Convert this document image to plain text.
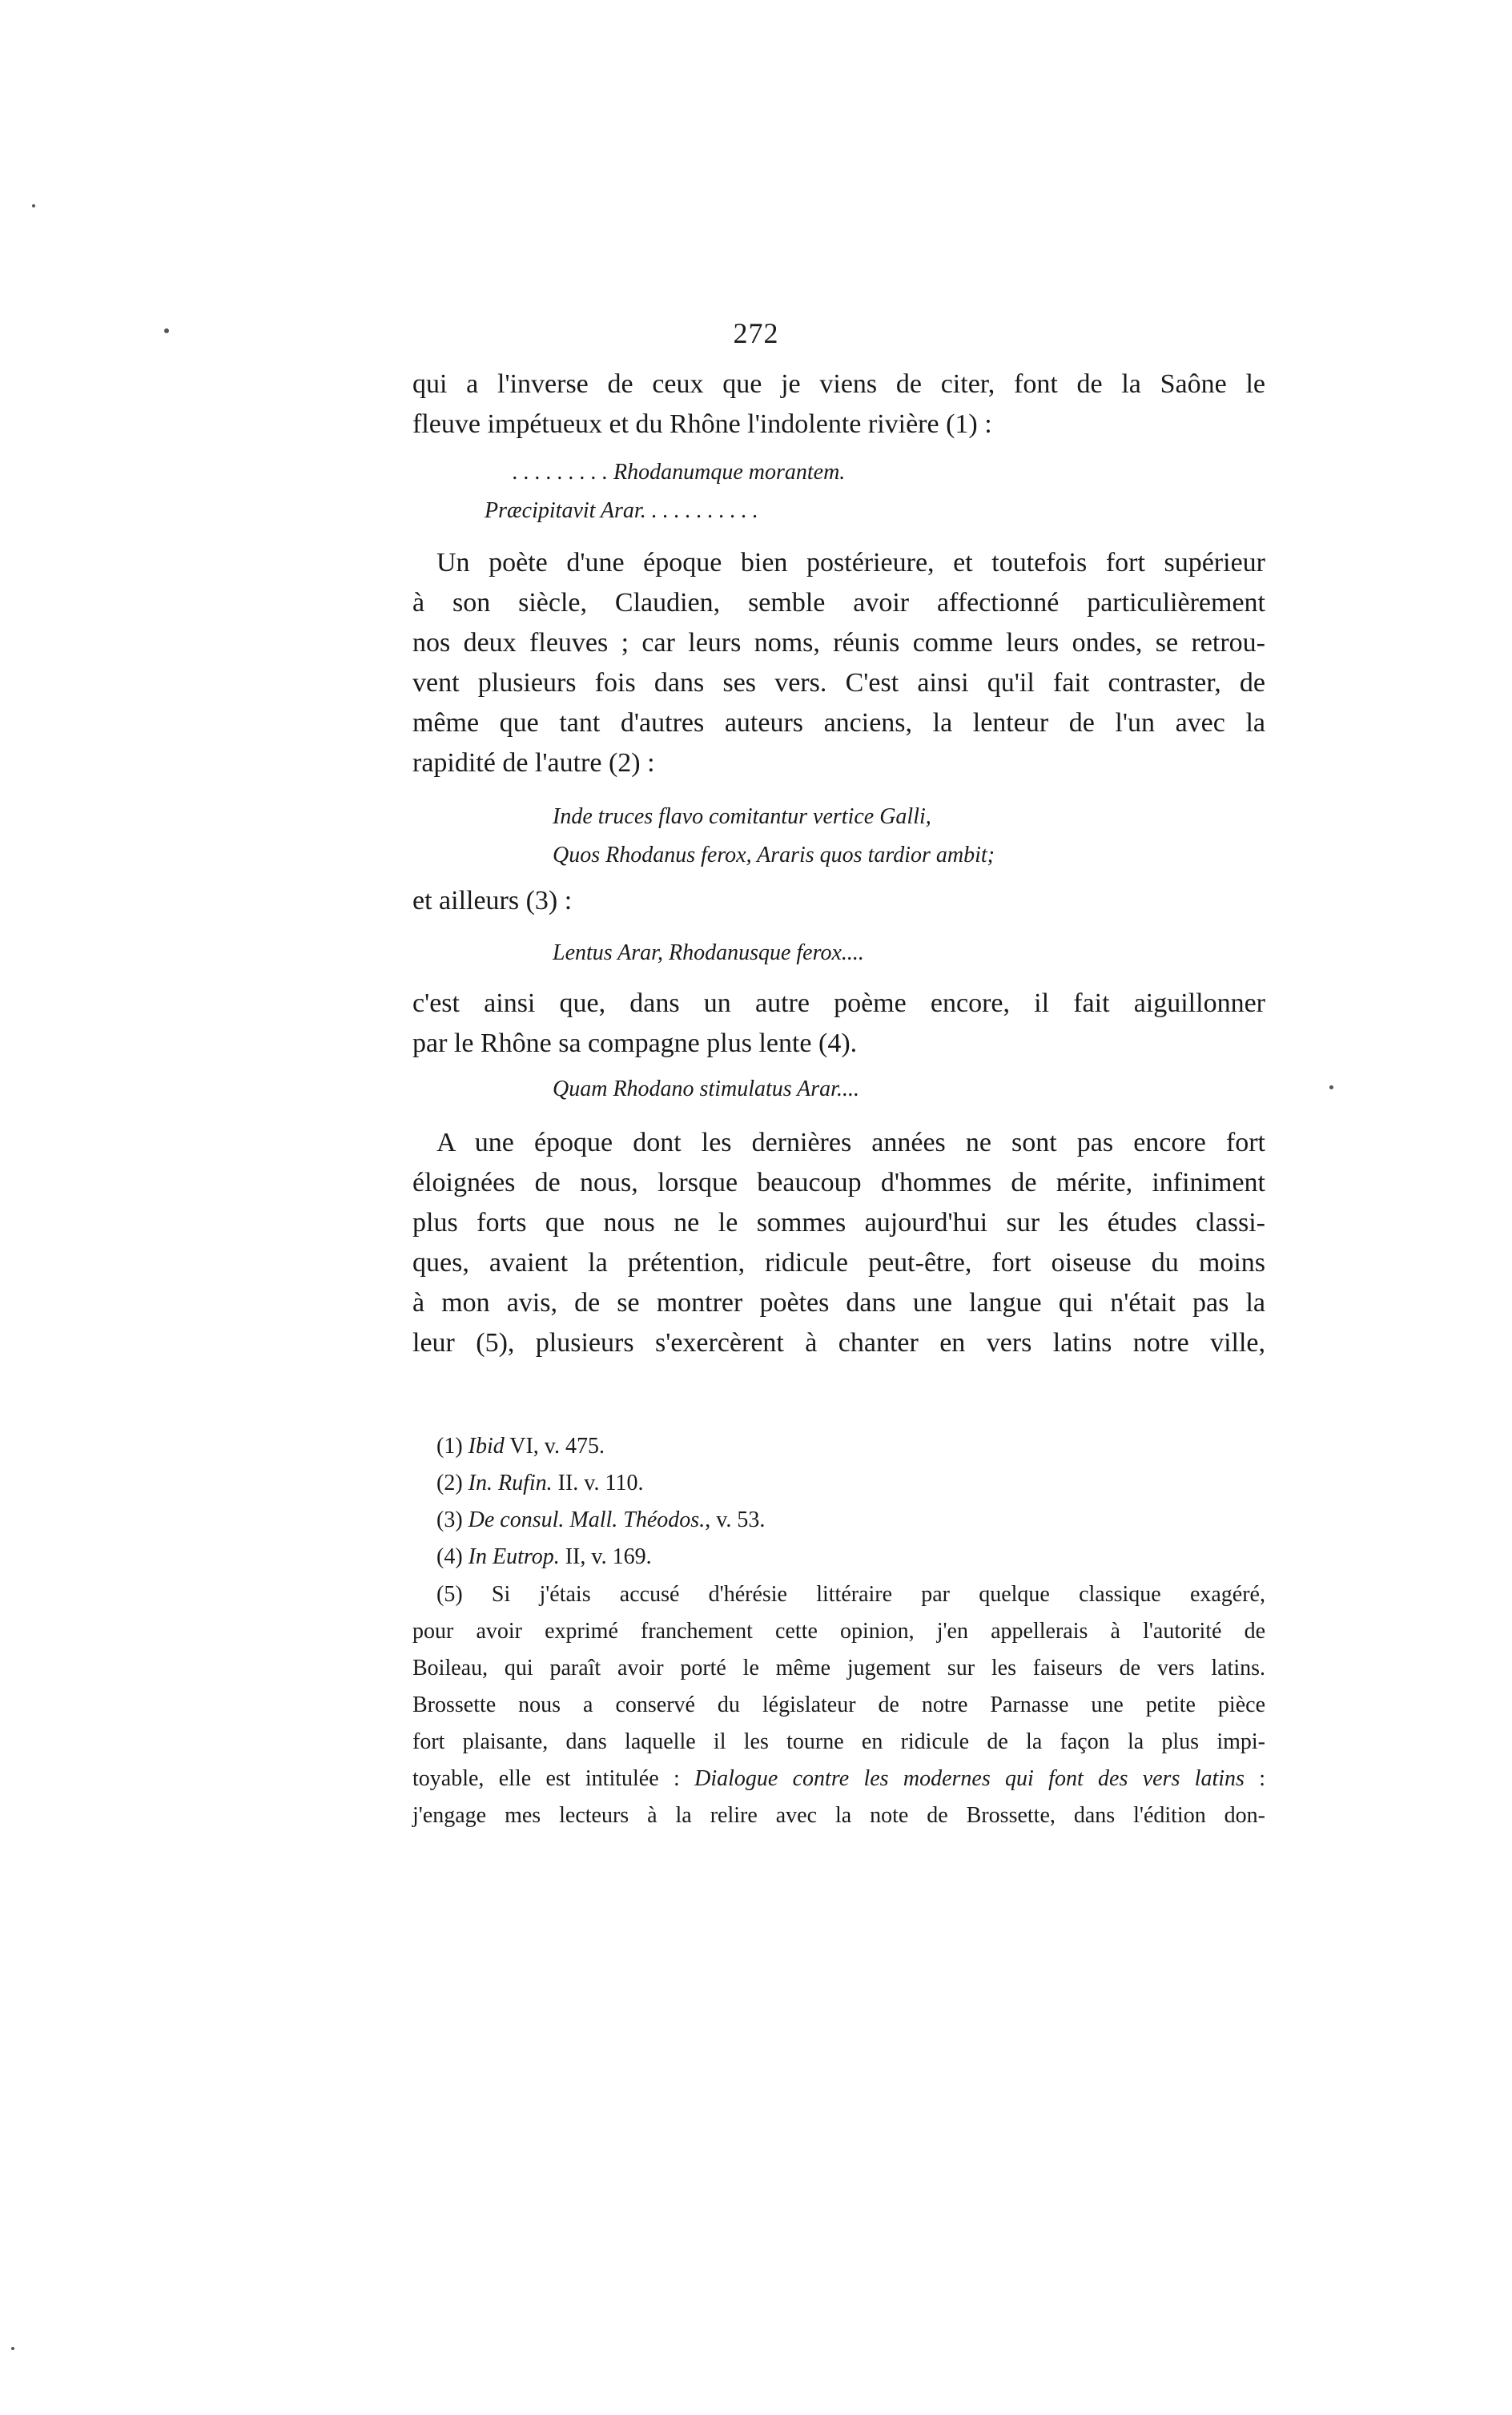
272
qui a l'inverse de ceux que je viens de citer, font de la Saône le
fleuve impétueux et du Rhône l'indolente rivière (1) :
. . . . . . . . . Rhodanumque morantem.
Præcipitavit Arar. . . . . . . . . . .
Un poète d'une époque bien postérieure, et toutefois fort supérieur
à son siècle, Claudien, semble avoir affectionné particulièrement
nos deux fleuves ; car leurs noms, réunis comme leurs ondes, se retrou-
vent plusieurs fois dans ses vers. C'est ainsi qu'il fait contraster, de
même que tant d'autres auteurs anciens, la lenteur de l'un avec la
rapidité de l'autre (2) :
Inde truces flavo comitantur vertice Galli,
Quos Rhodanus ferox, Araris quos tardior ambit;
et ailleurs (3) :
Lentus Arar, Rhodanusque ferox....
c'est ainsi que, dans un autre poème encore, il fait aiguillonner
par le Rhône sa compagne plus lente (4).
Quam Rhodano stimulatus Arar....
A une époque dont les dernières années ne sont pas encore fort
éloignées de nous, lorsque beaucoup d'hommes de mérite, infiniment
plus forts que nous ne le sommes aujourd'hui sur les études classi-
ques, avaient la prétention, ridicule peut-être, fort oiseuse du moins
à mon avis, de se montrer poètes dans une langue qui n'était pas la
leur (5), plusieurs s'exercèrent à chanter en vers latins notre ville,
(1) Ibid VI, v. 475.
(2) In. Rufin. II. v. 110.
(3) De consul. Mall. Théodos., v. 53.
(4) In Eutrop. II, v. 169.
(5) Si j'étais accusé d'hérésie littéraire par quelque classique exagéré,
pour avoir exprimé franchement cette opinion, j'en appellerais à l'autorité de
Boileau, qui paraît avoir porté le même jugement sur les faiseurs de vers latins.
Brossette nous a conservé du législateur de notre Parnasse une petite pièce
fort plaisante, dans laquelle il les tourne en ridicule de la façon la plus impi-
toyable, elle est intitulée : Dialogue contre les modernes qui font des vers latins :
j'engage mes lecteurs à la relire avec la note de Brossette, dans l'édition don-
